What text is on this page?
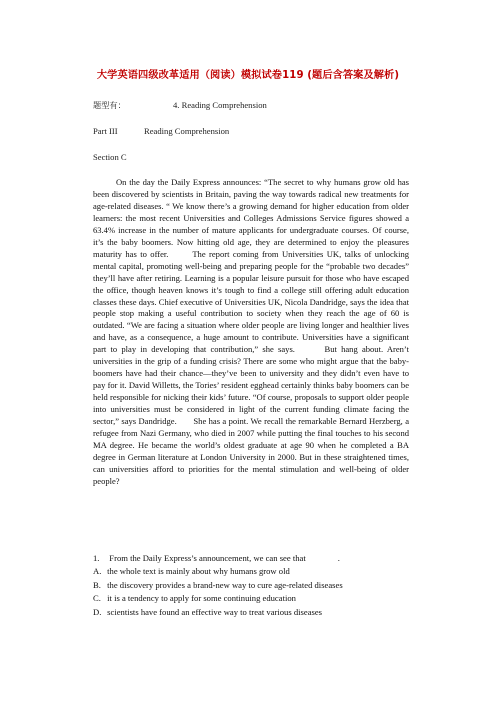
大学英语四级改革适用（阅读）模拟试卷119 (题后含答案及解析)
题型有：	4. Reading Comprehension
Part III	Reading Comprehension
Section C

On the day the Daily Express announces: “The secret to why humans grow old has been discovered by scientists in Britain, paving the way towards radical new treatments for age-related diseases. “ We know there’s a growing demand for higher education from older learners: the most recent Universities and Colleges Admissions Service figures showed a 63.4% increase in the number of mature applicants for undergraduate courses. Of course, it’s the baby boomers. Now hitting old age, they are determined to enjoy the pleasures maturity has to offer.       The report coming from Universities UK, talks of unlocking mental capital, promoting well-being and preparing people for the “probable two decades” they’ll have after retiring. Learning is a popular leisure pursuit for those who have escaped the office, though heaven knows it’s tough to find a college still offering adult education classes these days. Chief executive of Universities UK, Nicola Dandridge, says the idea that people stop making a useful contribution to society when they reach the age of 60 is outdated. “We are facing a situation where older people are living longer and healthier lives and have, as a consequence, a huge amount to contribute. Universities have a significant part to play in developing that contribution,” she says.       But hang about. Aren’t universities in the grip of a funding crisis? There are some who might argue that the baby-boomers have had their chance—they’ve been to university and they didn’t even have to pay for it. David Willetts, the Tories’ resident egghead certainly thinks baby boomers can be held responsible for nicking their kids’ future. “Of course, proposals to support older people into universities must be considered in light of the current funding climate facing the sector,” says Dandridge.       She has a point. We recall the remarkable Bernard Herzberg, a refugee from Nazi Germany, who died in 2007 while putting the final touches to his second MA degree. He became the world’s oldest graduate at age 90 when he completed a BA degree in German literature at London University in 2000. But in these straightened times, can universities afford to priorities for the mental stimulation and well-being of older people?

1. From the Daily Express’s announcement, we can see that	.
A. the whole text is mainly about why humans grow old
B. the discovery provides a brand-new way to cure age-related diseases
C. it is a tendency to apply for some continuing education
D. scientists have found an effective way to treat various diseases
